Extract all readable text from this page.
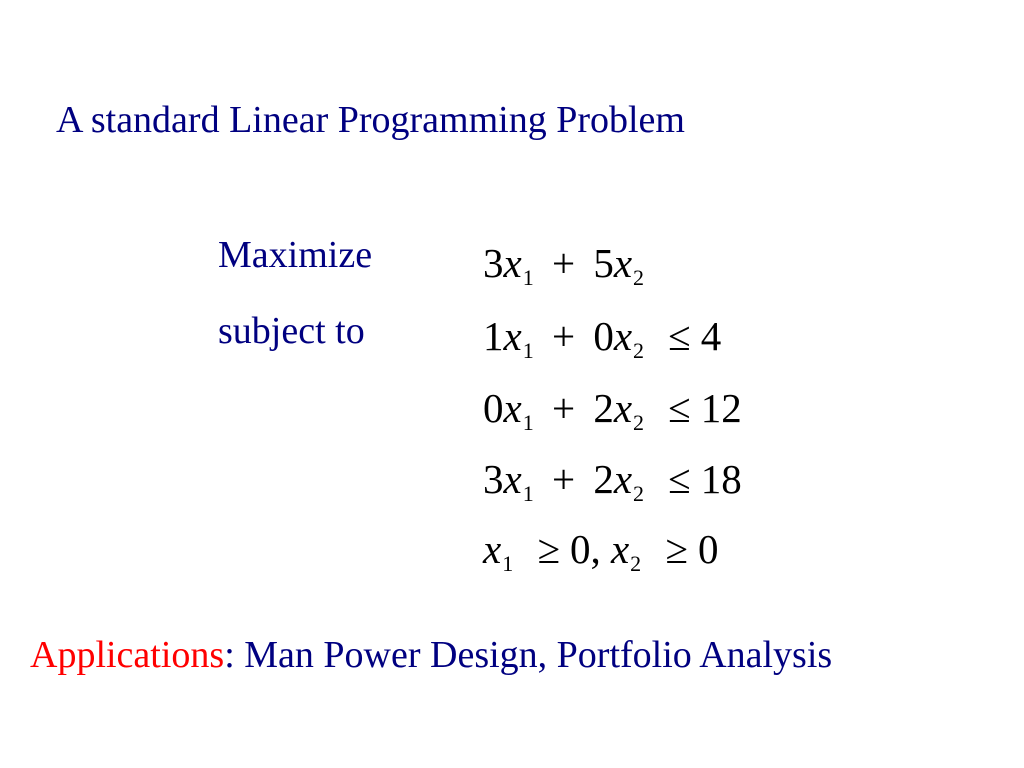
A standard Linear Programming Problem
Maximize
subject to
$3x_1 + 5x_2$
$1x_1 + 0x_2 \le 4$
$0x_1 + 2x_2 \le 12$
$3x_1 + 2x_2 \le 18$
$x_1 \ge 0$, $x_2 \ge 0$
Applications: Man Power Design, Portfolio Analysis
